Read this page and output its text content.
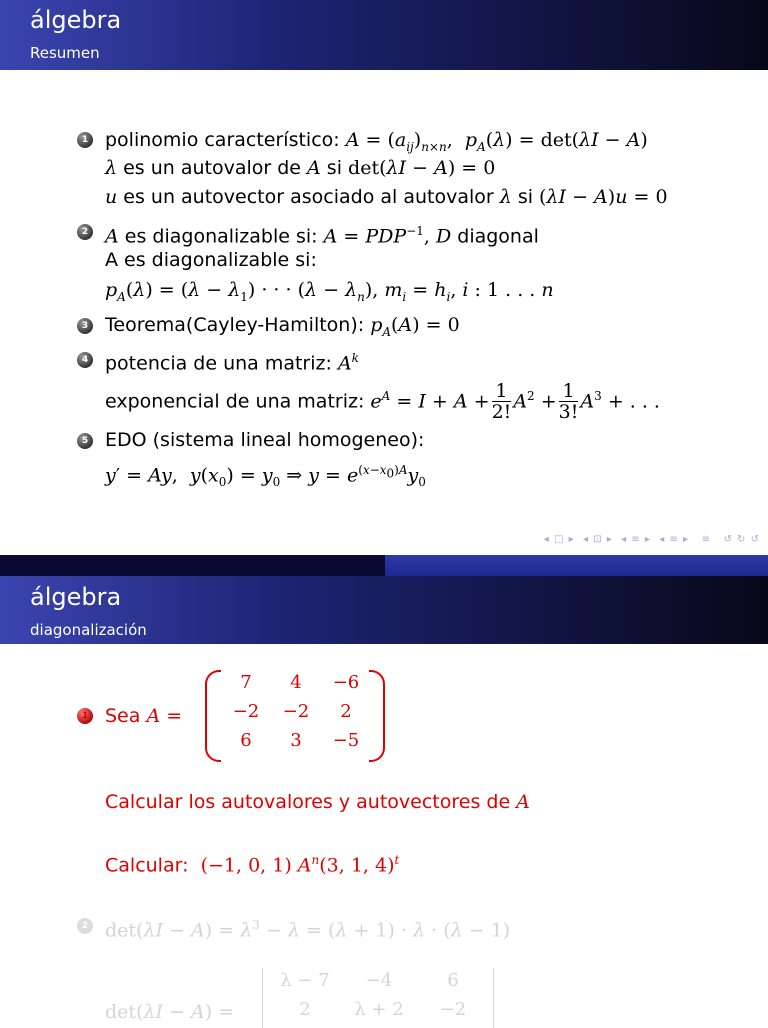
álgebra
Resumen
1 polinomio característico: $A = (a_{ij})_{n\times n}$, $p_A(\lambda) = \det(\lambda I - A)$
λ es un autovalor de A si det(λI − A) = 0
u es un autovector asociado al autovalor λ si (λI − A)u = 0
2 A es diagonalizable si: $A = PDP^{-1}$, D diagonal
A es diagonalizable si:
$p_A(\lambda) = (\lambda - \lambda_1)$ · · · $(\lambda - \lambda_n)$, $m_i = h_i$, i : 1 . . . n
3 Teorema(Cayley-Hamilton): $p_A(A) = 0$
4 potencia de una matriz: $A^k$
exponencial de una matriz: $e^A = I + A + \frac{1}{2!} A^2 + \frac{1}{3!} A^3$ + . . .
5 EDO (sistema lineal homogeneo):
y′ = Ay, $y(x_0) = y_0$ ⇒ $y = e^{(x-x_0)A}y_0$
◂ □ ▸  ◂ ⊡ ▸  ◂ ≡ ▸  ◂ ≡ ▸   ≡   ↺ ↻ ↺
álgebra
diagonalización
1 Sea A =
7	4	−6
−2	−2	2
6	3	−5
Calcular los autovalores y autovectores de A
Calcular: (−1, 0, 1) $A^n(3$, 1, 4)$^t$
2 $\det(\lambda I - A) = \lambda^3 - \lambda = (\lambda + 1) \cdot \lambda \cdot (\lambda - 1)$
det(λI − A) =
λ − 7	−4	6
2	λ + 2	−2
